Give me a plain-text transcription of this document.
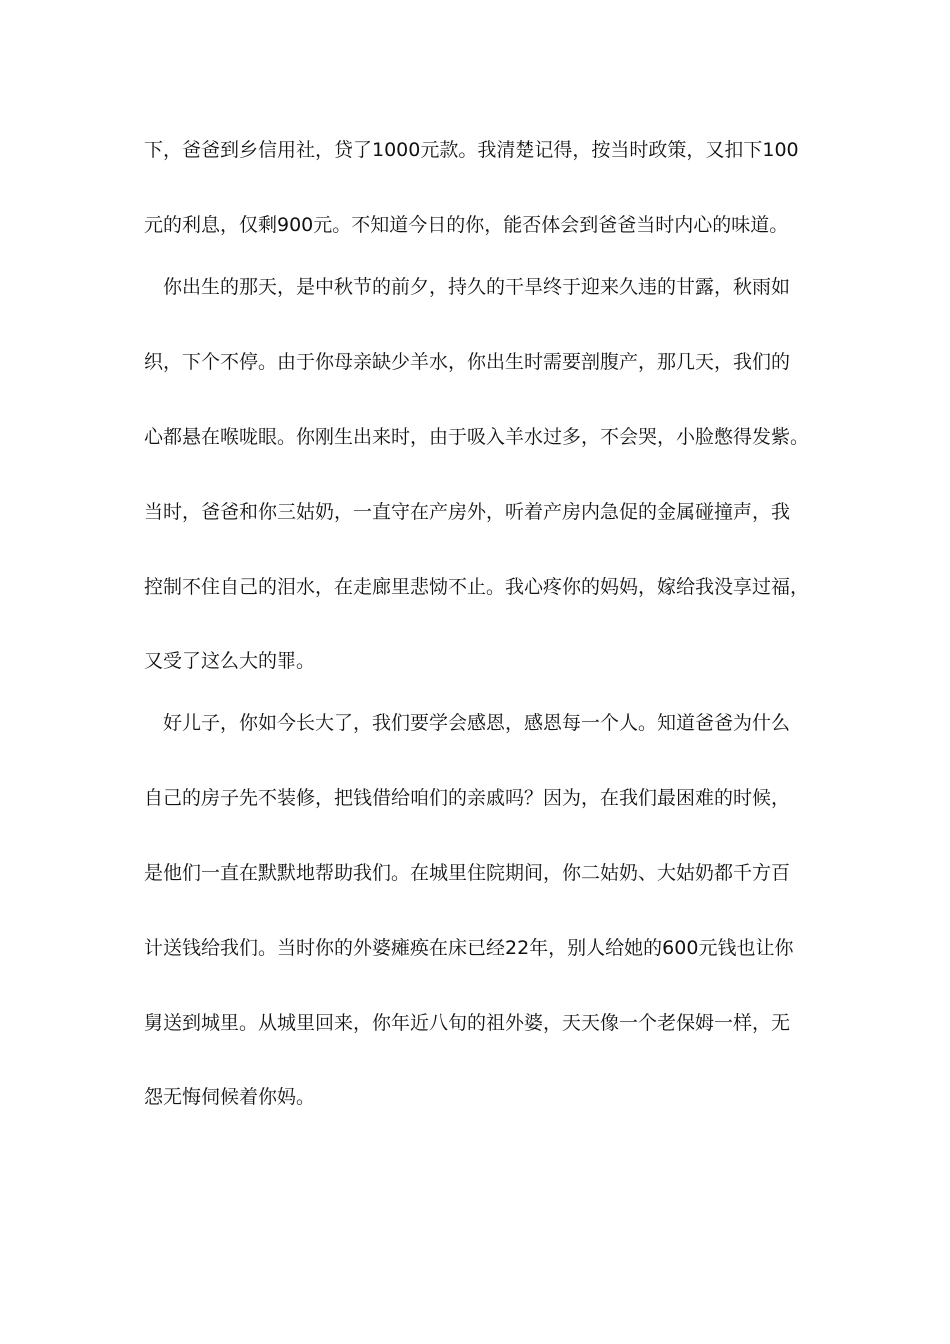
下，爸爸到乡信用社，贷了1000元款。我清楚记得，按当时政策，又扣下100
元的利息，仅剩900元。不知道今日的你，能否体会到爸爸当时内心的味道。
你出生的那天，是中秋节的前夕，持久的干旱终于迎来久违的甘露，秋雨如
织，下个不停。由于你母亲缺少羊水，你出生时需要剖腹产，那几天，我们的
心都悬在喉咙眼。你刚生出来时，由于吸入羊水过多，不会哭，小脸憋得发紫。
当时，爸爸和你三姑奶，一直守在产房外，听着产房内急促的金属碰撞声，我
控制不住自己的泪水，在走廊里悲恸不止。我心疼你的妈妈，嫁给我没享过福，
又受了这么大的罪。
好儿子，你如今长大了，我们要学会感恩，感恩每一个人。知道爸爸为什么
自己的房子先不装修，把钱借给咱们的亲戚吗？因为，在我们最困难的时候，
是他们一直在默默地帮助我们。在城里住院期间，你二姑奶、大姑奶都千方百
计送钱给我们。当时你的外婆瘫痪在床已经22年，别人给她的600元钱也让你
舅送到城里。从城里回来，你年近八旬的祖外婆，天天像一个老保姆一样，无
怨无悔伺候着你妈。
